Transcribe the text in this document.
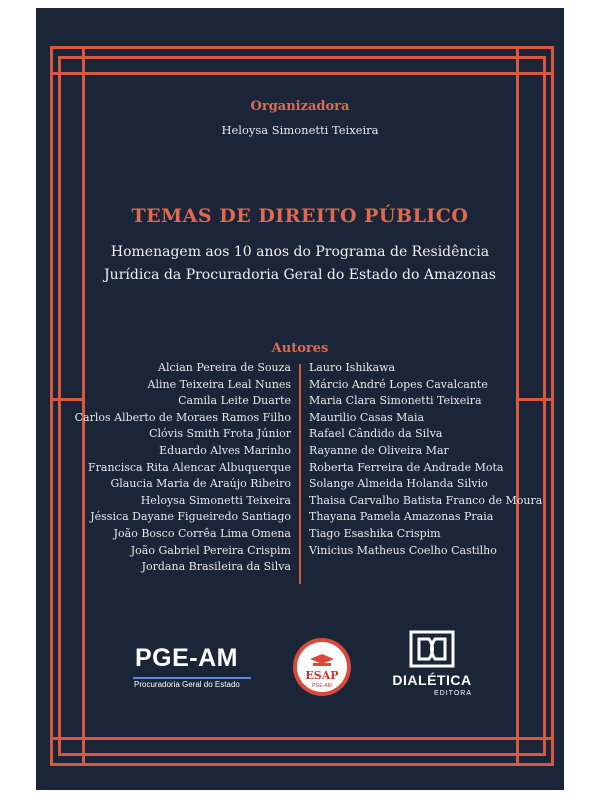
Organizadora
Heloysa Simonetti Teixeira
TEMAS DE DIREITO PÚBLICO
Homenagem aos 10 anos do Programa de Residência
Jurídica da Procuradoria Geral do Estado do Amazonas
Autores
Alcian Pereira de Souza
Aline Teixeira Leal Nunes
Camila Leite Duarte
Carlos Alberto de Moraes Ramos Filho
Clóvis Smith Frota Júnior
Eduardo Alves Marinho
Francisca Rita Alencar Albuquerque
Glaucia Maria de Araújo Ribeiro
Heloysa Simonetti Teixeira
Jéssica Dayane Figueiredo Santiago
João Bosco Corrêa Lima Omena
João Gabriel Pereira Crispim
Jordana Brasileira da Silva
Lauro Ishikawa
Márcio André Lopes Cavalcante
Maria Clara Simonetti Teixeira
Maurilio Casas Maia
Rafael Cândido da Silva
Rayanne de Oliveira Mar
Roberta Ferreira de Andrade Mota
Solange Almeida Holanda Silvio
Thaisa Carvalho Batista Franco de Moura
Thayana Pamela Amazonas Praia
Tiago Esashika Crispim
Vinicius Matheus Coelho Castilho
PGE-AM
Procuradoria Geral do Estado
ESAP
PGE-AM	DIALÉTICA
EDITORA
